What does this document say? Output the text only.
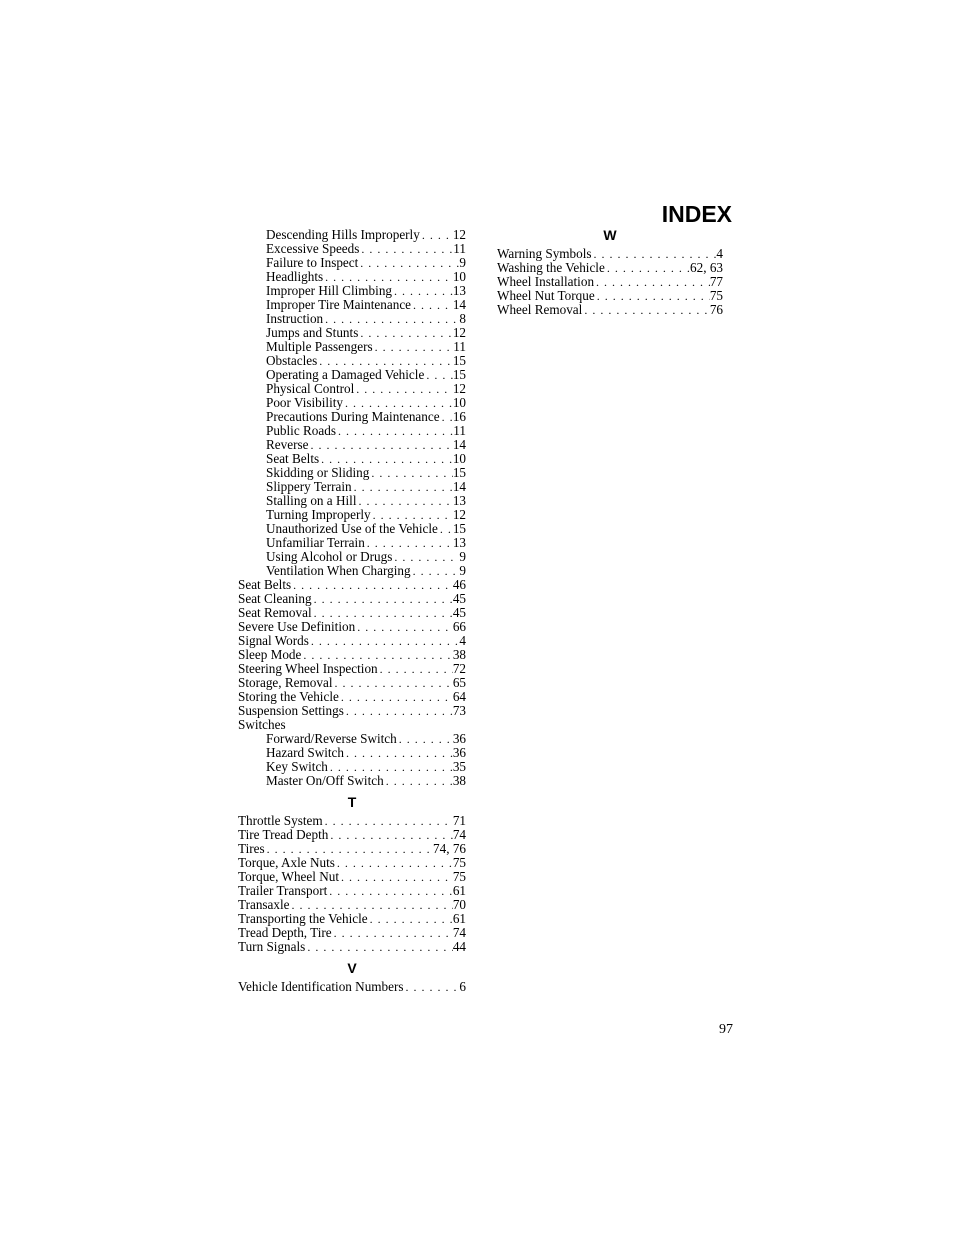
INDEX
Descending Hills Improperly . . . 12
Excessive Speeds . . .	11
Failure to Inspect . . .	9
Headlights . . .	10
Improper Hill Climbing . . .	13
Improper Tire Maintenance . . .	14
Instruction . . .	8
Jumps and Stunts . . .	12
Multiple Passengers . . .	11
Obstacles . . .	15
Operating a Damaged Vehicle . . . 15
Physical Control . . .	12
Poor Visibility . . .	10
Precautions During Maintenance . . . 16
Public Roads . . .	11
Reverse . . .	14
Seat Belts . . .	10
Skidding or Sliding . . .	15
Slippery Terrain . . .	14
Stalling on a Hill . . .	13
Turning Improperly . . .	12
Unauthorized Use of the Vehicle . . . 15
Unfamiliar Terrain . . .	13
Using Alcohol or Drugs . . .	9
Ventilation When Charging . . .	9
Seat Belts . . .	46
Seat Cleaning . . .	45
Seat Removal . . .	45
Severe Use Definition . . .	66
Signal Words . . .	4
Sleep Mode . . .	38
Steering Wheel Inspection . . .	72
Storage, Removal . . .	65
Storing the Vehicle . . .	64
Suspension Settings . . .	73
Switches
Forward/Reverse Switch . . .	36
Hazard Switch . . .	36
Key Switch . . .	35
Master On/Off Switch . . .	38
T
Throttle System . . .	71
Tire Tread Depth . . .	74
Tires . . .	74, 76
Torque, Axle Nuts . . .	75
Torque, Wheel Nut . . .	75
Trailer Transport . . .	61
Transaxle . . .	70
Transporting the Vehicle . . .	61
Tread Depth, Tire . . .	74
Turn Signals . . .	44
V
Vehicle Identification Numbers . . .	6
W
Warning Symbols . . .	4
Washing the Vehicle . . .	62, 63
Wheel Installation . . .	77
Wheel Nut Torque . . .	75
Wheel Removal . . .	76
97
